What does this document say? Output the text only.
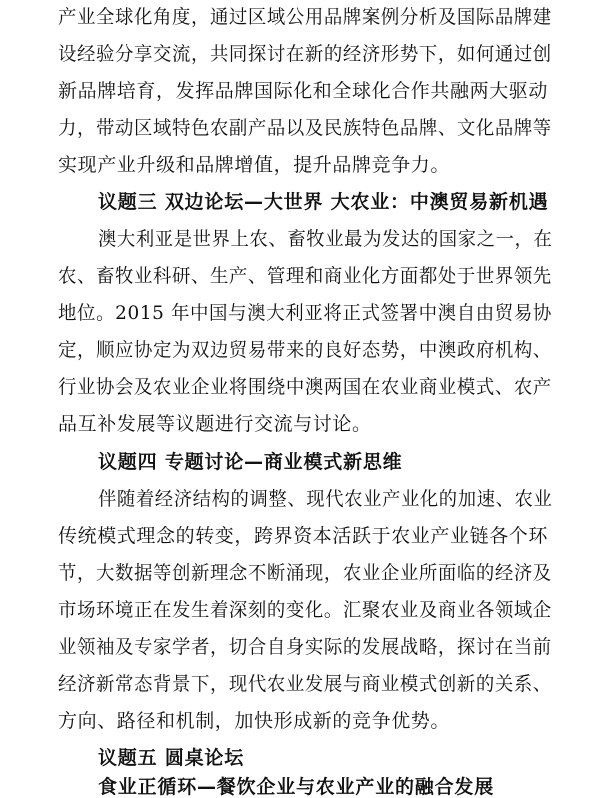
产业全球化角度，通过区域公用品牌案例分析及国际品牌建
设经验分享交流，共同探讨在新的经济形势下，如何通过创
新品牌培育，发挥品牌国际化和全球化合作共融两大驱动
力，带动区域特色农副产品以及民族特色品牌、文化品牌等
实现产业升级和品牌增值，提升品牌竞争力。
议题三 双边论坛—大世界 大农业：中澳贸易新机遇
澳大利亚是世界上农、畜牧业最为发达的国家之一，在
农、畜牧业科研、生产、管理和商业化方面都处于世界领先
地位。2015 年中国与澳大利亚将正式签署中澳自由贸易协
定，顺应协定为双边贸易带来的良好态势，中澳政府机构、
行业协会及农业企业将围绕中澳两国在农业商业模式、农产
品互补发展等议题进行交流与讨论。
议题四 专题讨论—商业模式新思维
伴随着经济结构的调整、现代农业产业化的加速、农业
传统模式理念的转变，跨界资本活跃于农业产业链各个环
节，大数据等创新理念不断涌现，农业企业所面临的经济及
市场环境正在发生着深刻的变化。汇聚农业及商业各领域企
业领袖及专家学者，切合自身实际的发展战略，探讨在当前
经济新常态背景下，现代农业发展与商业模式创新的关系、
方向、路径和机制，加快形成新的竞争优势。
议题五 圆桌论坛
食业正循环—餐饮企业与农业产业的融合发展
